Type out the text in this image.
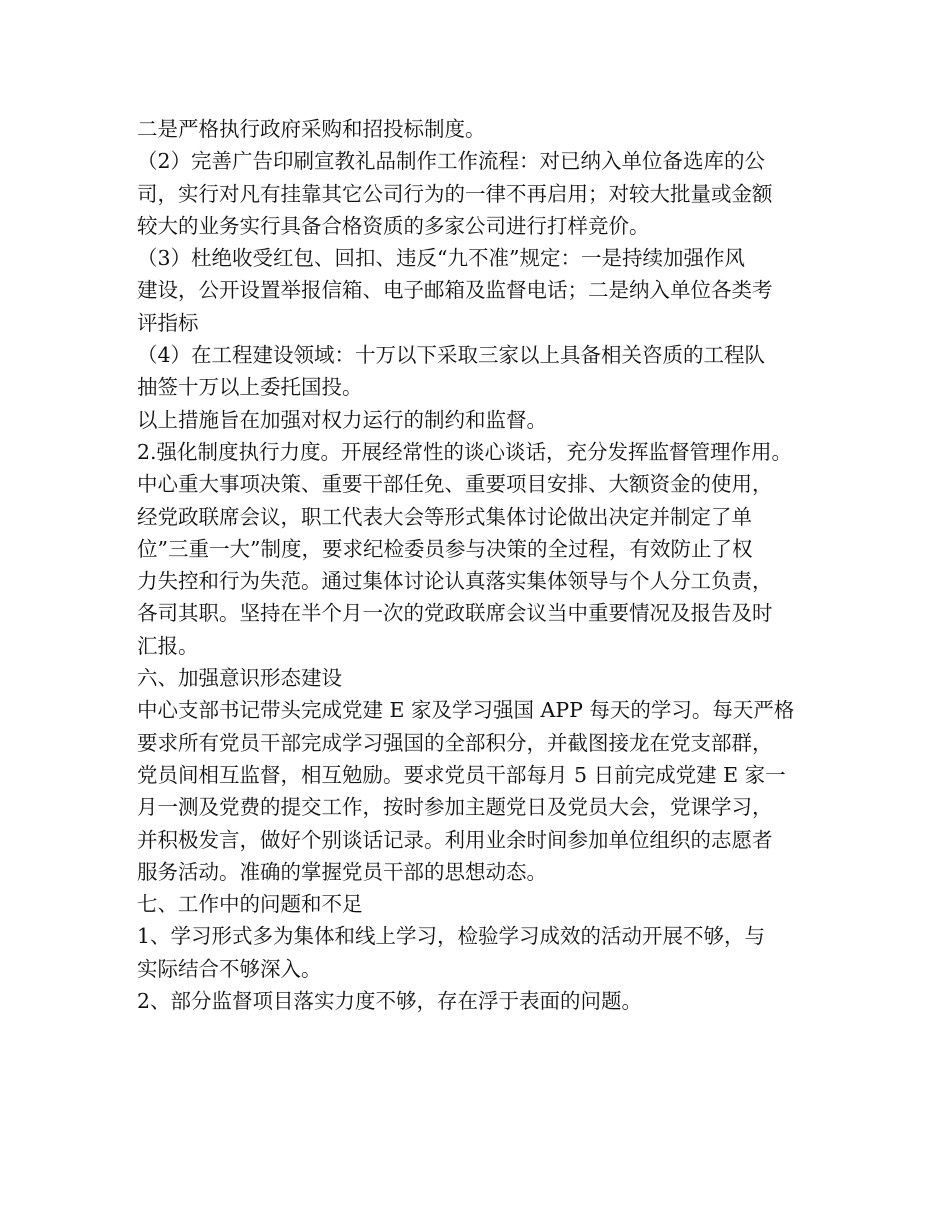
二是严格执行政府采购和招投标制度。
（2）完善广告印刷宣教礼品制作工作流程：对已纳入单位备选库的公
司，实行对凡有挂靠其它公司行为的一律不再启用；对较大批量或金额
较大的业务实行具备合格资质的多家公司进行打样竞价。
（3）杜绝收受红包、回扣、违反“九不准”规定：一是持续加强作风
建设，公开设置举报信箱、电子邮箱及监督电话；二是纳入单位各类考
评指标
（4）在工程建设领域：十万以下采取三家以上具备相关咨质的工程队
抽签十万以上委托国投。
以上措施旨在加强对权力运行的制约和监督。
2.强化制度执行力度。开展经常性的谈心谈话，充分发挥监督管理作用。
中心重大事项决策、重要干部任免、重要项目安排、大额资金的使用，
经党政联席会议，职工代表大会等形式集体讨论做出决定并制定了单
位”三重一大”制度，要求纪检委员参与决策的全过程，有效防止了权
力失控和行为失范。通过集体讨论认真落实集体领导与个人分工负责，
各司其职。坚持在半个月一次的党政联席会议当中重要情况及报告及时
汇报。
六、加强意识形态建设
中心支部书记带头完成党建 E 家及学习强国 APP 每天的学习。每天严格
要求所有党员干部完成学习强国的全部积分，并截图接龙在党支部群，
党员间相互监督，相互勉励。要求党员干部每月 5 日前完成党建 E 家一
月一测及党费的提交工作，按时参加主题党日及党员大会，党课学习，
并积极发言，做好个别谈话记录。利用业余时间参加单位组织的志愿者
服务活动。准确的掌握党员干部的思想动态。
七、工作中的问题和不足
1、学习形式多为集体和线上学习，检验学习成效的活动开展不够，与
实际结合不够深入。
2、部分监督项目落实力度不够，存在浮于表面的问题。
